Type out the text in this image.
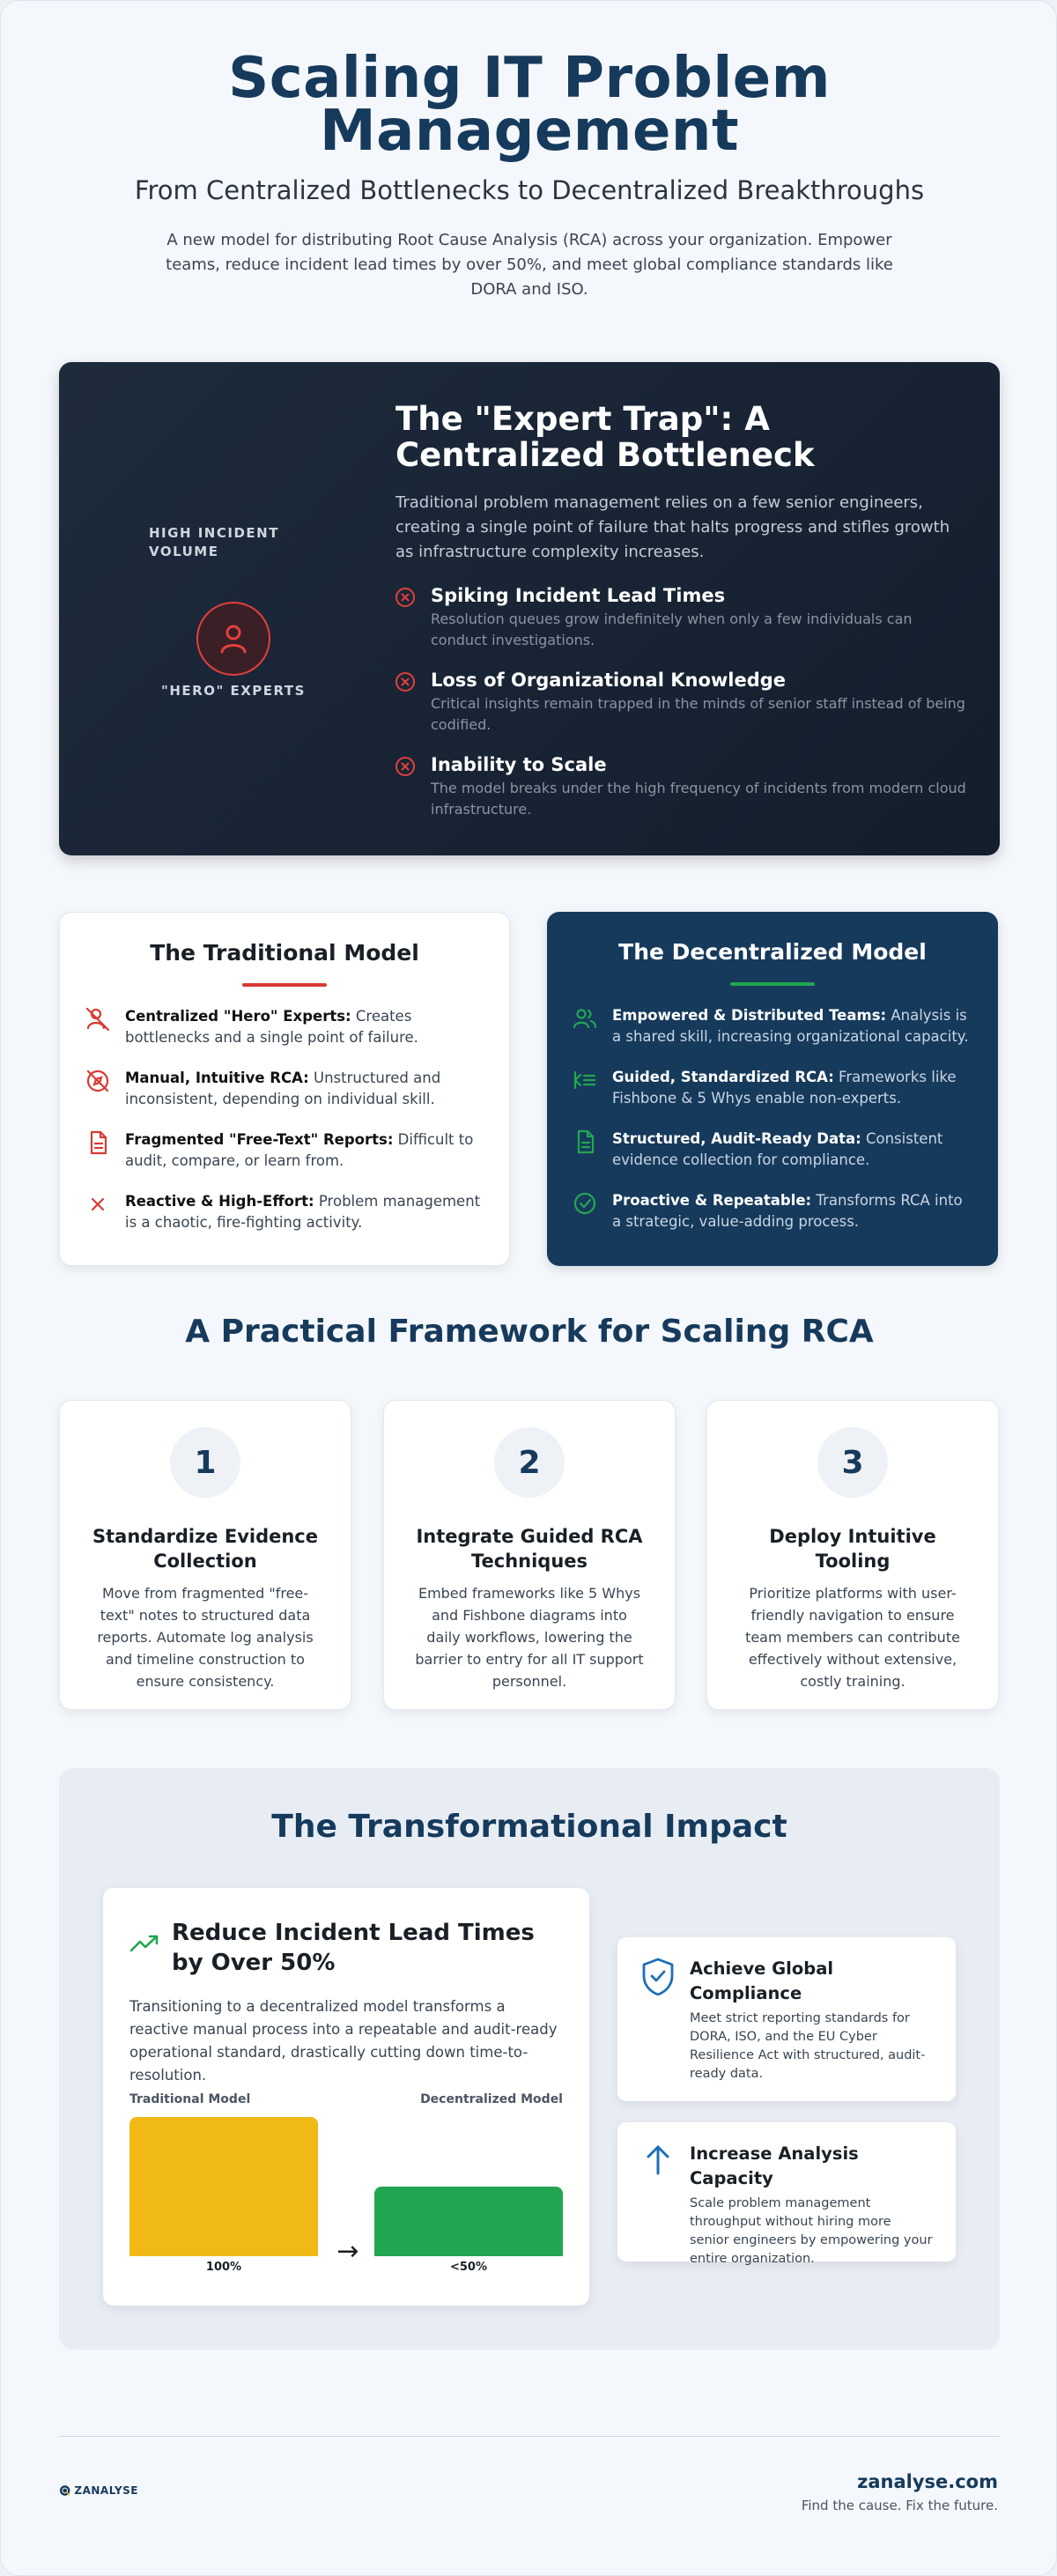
Scaling IT Problem Management
From Centralized Bottlenecks to Decentralized Breakthroughs

A new model for distributing Root Cause Analysis (RCA) across your organization. Empower teams, reduce incident lead times by over 50%, and meet global compliance standards like DORA and ISO.

HIGH INCIDENT VOLUME
"HERO" EXPERTS
The "Expert Trap": A Centralized Bottleneck

Traditional problem management relies on a few senior engineers, creating a single point of failure that halts progress and stifles growth as infrastructure complexity increases.

Spiking Incident Lead Times

Resolution queues grow indefinitely when only a few individuals can conduct investigations.

Loss of Organizational Knowledge

Critical insights remain trapped in the minds of senior staff instead of being codified.

Inability to Scale

The model breaks under the high frequency of incidents from modern cloud infrastructure.

The Traditional Model

Centralized "Hero" Experts: Creates bottlenecks and a single point of failure.

Manual, Intuitive RCA: Unstructured and inconsistent, depending on individual skill.

Fragmented "Free-Text" Reports: Difficult to audit, compare, or learn from.

Reactive & High-Effort: Problem management is a chaotic, fire-fighting activity.

The Decentralized Model

Empowered & Distributed Teams: Analysis is a shared skill, increasing organizational capacity.

Guided, Standardized RCA: Frameworks like Fishbone & 5 Whys enable non-experts.

Structured, Audit-Ready Data: Consistent evidence collection for compliance.

Proactive & Repeatable: Transforms RCA into a strategic, value-adding process.

A Practical Framework for Scaling RCA
1
Standardize Evidence Collection

Move from fragmented "free-text" notes to structured data reports. Automate log analysis and timeline construction to ensure consistency.

2
Integrate Guided RCA Techniques

Embed frameworks like 5 Whys and Fishbone diagrams into daily workflows, lowering the barrier to entry for all IT support personnel.

3
Deploy Intuitive Tooling

Prioritize platforms with user-friendly navigation to ensure team members can contribute effectively without extensive, costly training.

The Transformational Impact
Reduce Incident Lead Times by Over 50%

Transitioning to a decentralized model transforms a reactive manual process into a repeatable and audit-ready operational standard, drastically cutting down time-to-resolution.

Traditional Model	Decentralized Model
→
100%	<50%
Achieve Global Compliance

Meet strict reporting standards for DORA, ISO, and the EU Cyber Resilience Act with structured, audit-ready data.

Increase Analysis Capacity

Scale problem management throughput without hiring more senior engineers by empowering your entire organization.

ZANALYSE	zanalyse.com
Find the cause. Fix the future.
